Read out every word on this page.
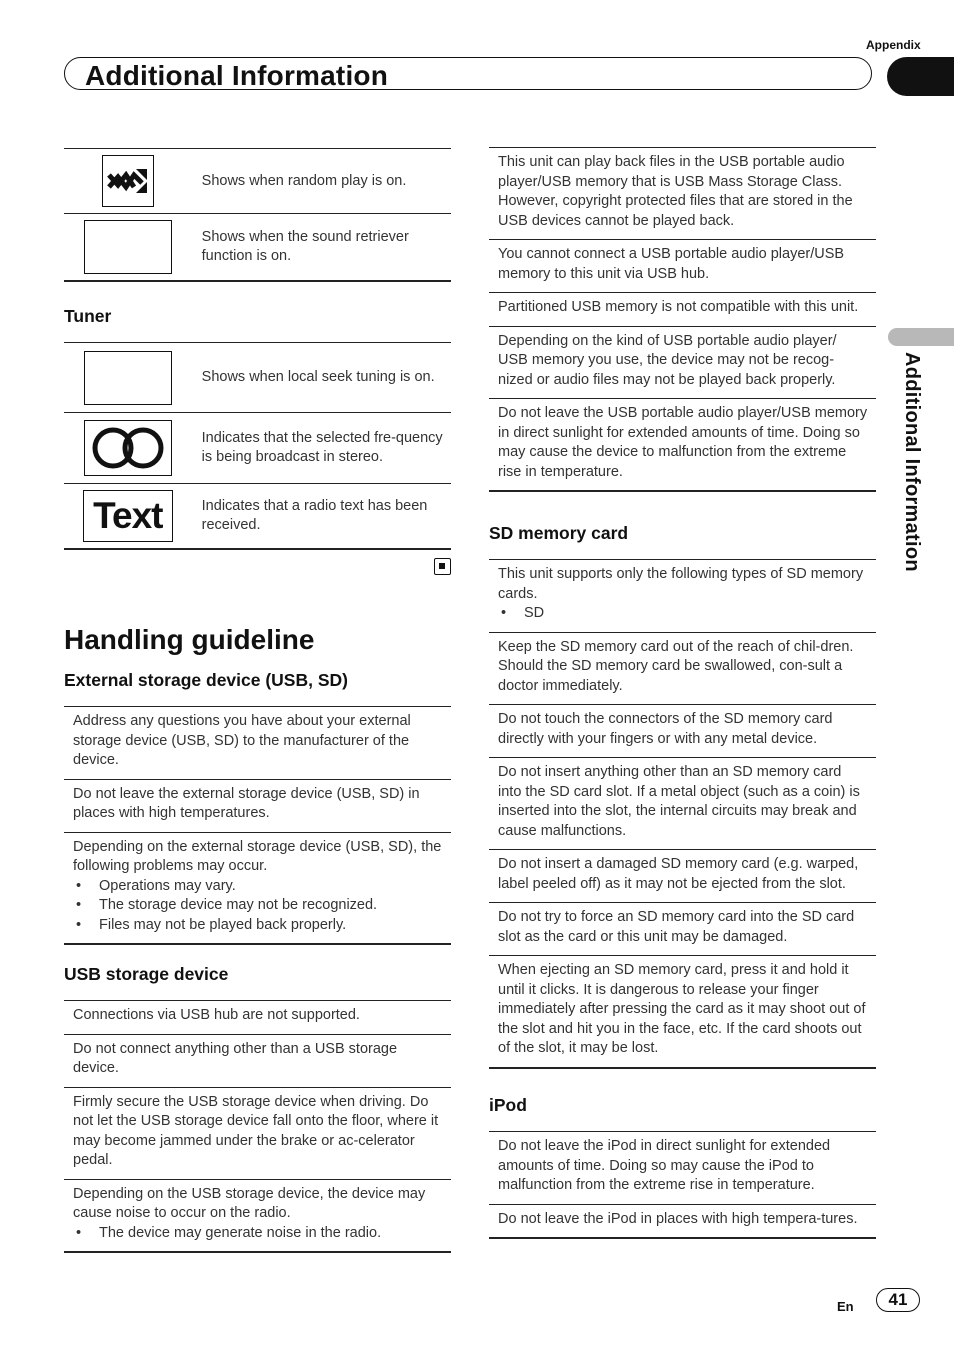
Appendix
Additional Information
Additional Information
Shows when random play is on.
Shows when the sound retriever function is on.
Tuner
Shows when local seek tuning is on.
Indicates that the selected fre-quency is being broadcast in stereo.
Text	Indicates that a radio text has been received.
Handling guideline
External storage device (USB, SD)
Address any questions you have about your external storage device (USB, SD) to the manufacturer of the device.
Do not leave the external storage device (USB, SD) in places with high temperatures.
Depending on the external storage device (USB, SD), the following problems may occur.
• Operations may vary.
• The storage device may not be recognized.
• Files may not be played back properly.
USB storage device
Connections via USB hub are not supported.
Do not connect anything other than a USB storage device.
Firmly secure the USB storage device when driving. Do not let the USB storage device fall onto the floor, where it may become jammed under the brake or ac-celerator pedal.
Depending on the USB storage device, the device may cause noise to occur on the radio.
• The device may generate noise in the radio.
This unit can play back files in the USB portable audio player/USB memory that is USB Mass Storage Class. However, copyright protected files that are stored in the USB devices cannot be played back.
You cannot connect a USB portable audio player/USB memory to this unit via USB hub.
Partitioned USB memory is not compatible with this unit.
Depending on the kind of USB portable audio player/ USB memory you use, the device may not be recog-nized or audio files may not be played back properly.
Do not leave the USB portable audio player/USB memory in direct sunlight for extended amounts of time. Doing so may cause the device to malfunction from the extreme rise in temperature.
SD memory card
This unit supports only the following types of SD memory cards.
• SD
Keep the SD memory card out of the reach of chil-dren. Should the SD memory card be swallowed, con-sult a doctor immediately.
Do not touch the connectors of the SD memory card directly with your fingers or with any metal device.
Do not insert anything other than an SD memory card into the SD card slot. If a metal object (such as a coin) is inserted into the slot, the internal circuits may break and cause malfunctions.
Do not insert a damaged SD memory card (e.g. warped, label peeled off) as it may not be ejected from the slot.
Do not try to force an SD memory card into the SD card slot as the card or this unit may be damaged.
When ejecting an SD memory card, press it and hold it until it clicks. It is dangerous to release your finger immediately after pressing the card as it may shoot out of the slot and hit you in the face, etc. If the card shoots out of the slot, it may be lost.
iPod
Do not leave the iPod in direct sunlight for extended amounts of time. Doing so may cause the iPod to malfunction from the extreme rise in temperature.
Do not leave the iPod in places with high tempera-tures.
En	41
